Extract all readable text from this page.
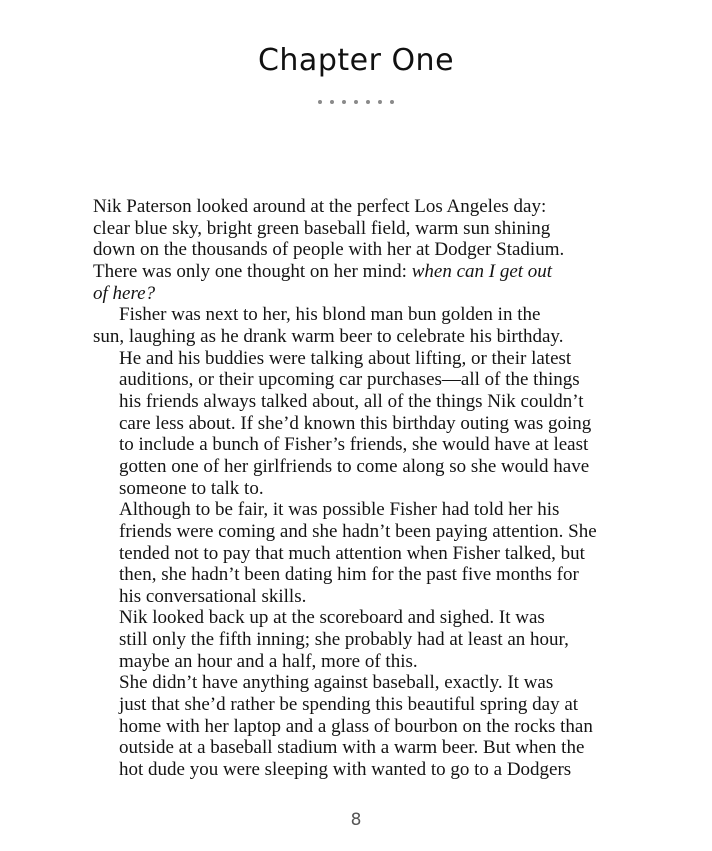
Chapter One

Nik Paterson looked around at the perfect Los Angeles day:
clear blue sky, bright green baseball field, warm sun shining
down on the thousands of people with her at Dodger Stadium.
There was only one thought on her mind: when can I get out
of here?

Fisher was next to her, his blond man bun golden in the
sun, laughing as he drank warm beer to celebrate his birthday.
He and his buddies were talking about lifting, or their latest
auditions, or their upcoming car purchases—all of the things
his friends always talked about, all of the things Nik couldn’t
care less about. If she’d known this birthday outing was going
to include a bunch of Fisher’s friends, she would have at least
gotten one of her girlfriends to come along so she would have
someone to talk to.

Although to be fair, it was possible Fisher had told her his
friends were coming and she hadn’t been paying attention. She
tended not to pay that much attention when Fisher talked, but
then, she hadn’t been dating him for the past five months for
his conversational skills.

Nik looked back up at the scoreboard and sighed. It was
still only the fifth inning; she probably had at least an hour,
maybe an hour and a half, more of this.

She didn’t have anything against baseball, exactly. It was
just that she’d rather be spending this beautiful spring day at
home with her laptop and a glass of bourbon on the rocks than
outside at a baseball stadium with a warm beer. But when the
hot dude you were sleeping with wanted to go to a Dodgers

8
